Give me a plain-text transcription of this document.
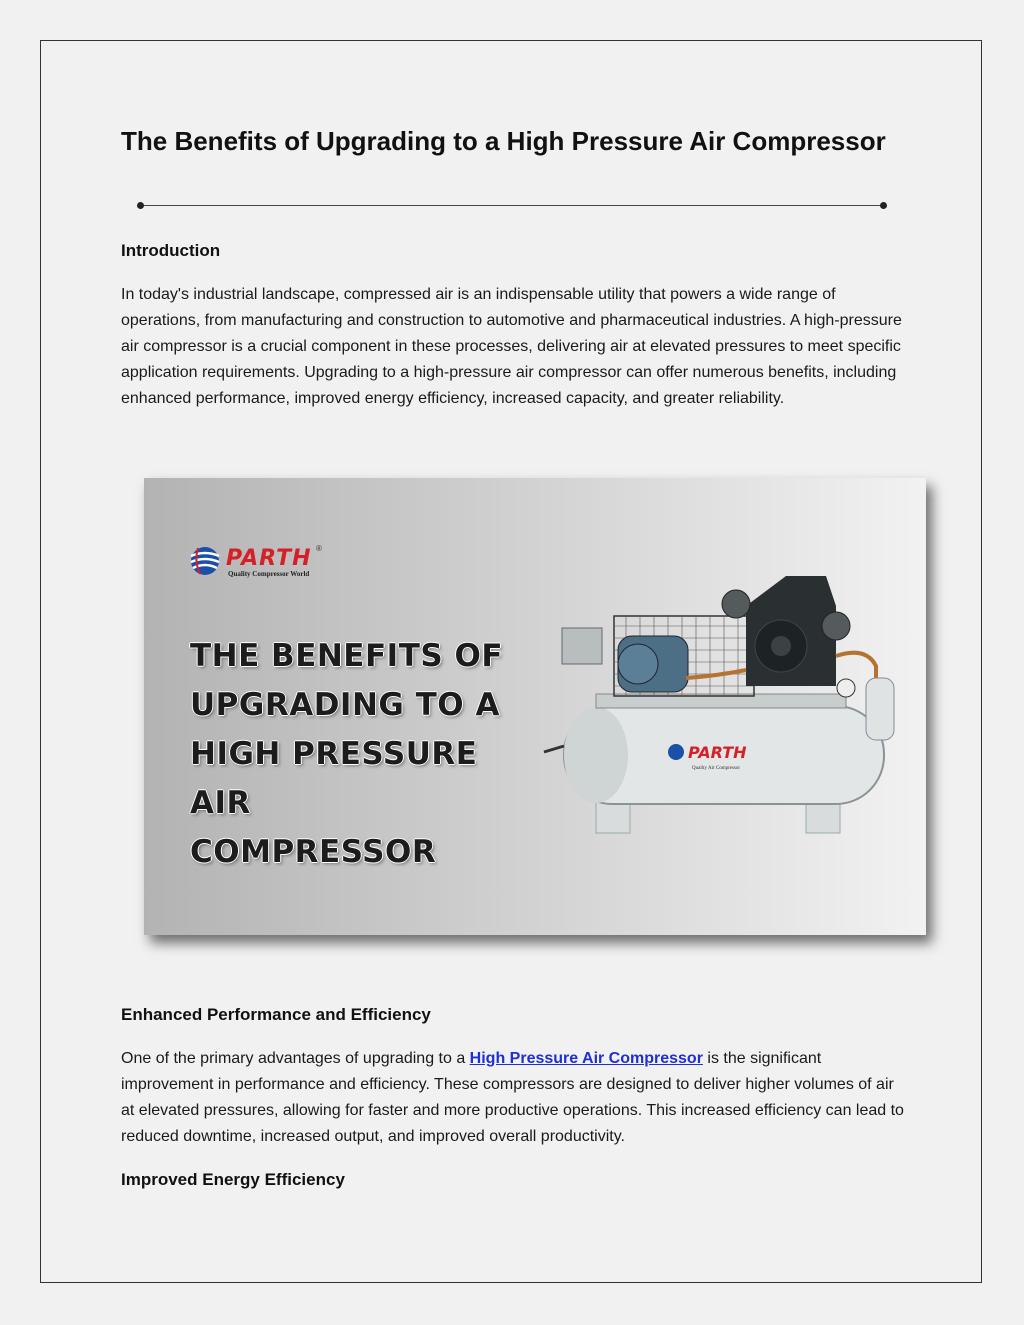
The Benefits of Upgrading to a High Pressure Air Compressor
Introduction

In today's industrial landscape, compressed air is an indispensable utility that powers a wide range of operations, from manufacturing and construction to automotive and pharmaceutical industries. A high-pressure air compressor is a crucial component in these processes, delivering air at elevated pressures to meet specific application requirements. Upgrading to a high-pressure air compressor can offer numerous benefits, including enhanced performance, improved energy efficiency, increased capacity, and greater reliability.

PARTH ®
Quality Compressor World
THE BENEFITS OF
UPGRADING TO A
HIGH PRESSURE
AIR
COMPRESSOR
PARTH
Quality Air Compressor
Enhanced Performance and Efficiency

One of the primary advantages of upgrading to a High Pressure Air Compressor is the significant improvement in performance and efficiency. These compressors are designed to deliver higher volumes of air at elevated pressures, allowing for faster and more productive operations. This increased efficiency can lead to reduced downtime, increased output, and improved overall productivity.

Improved Energy Efficiency
